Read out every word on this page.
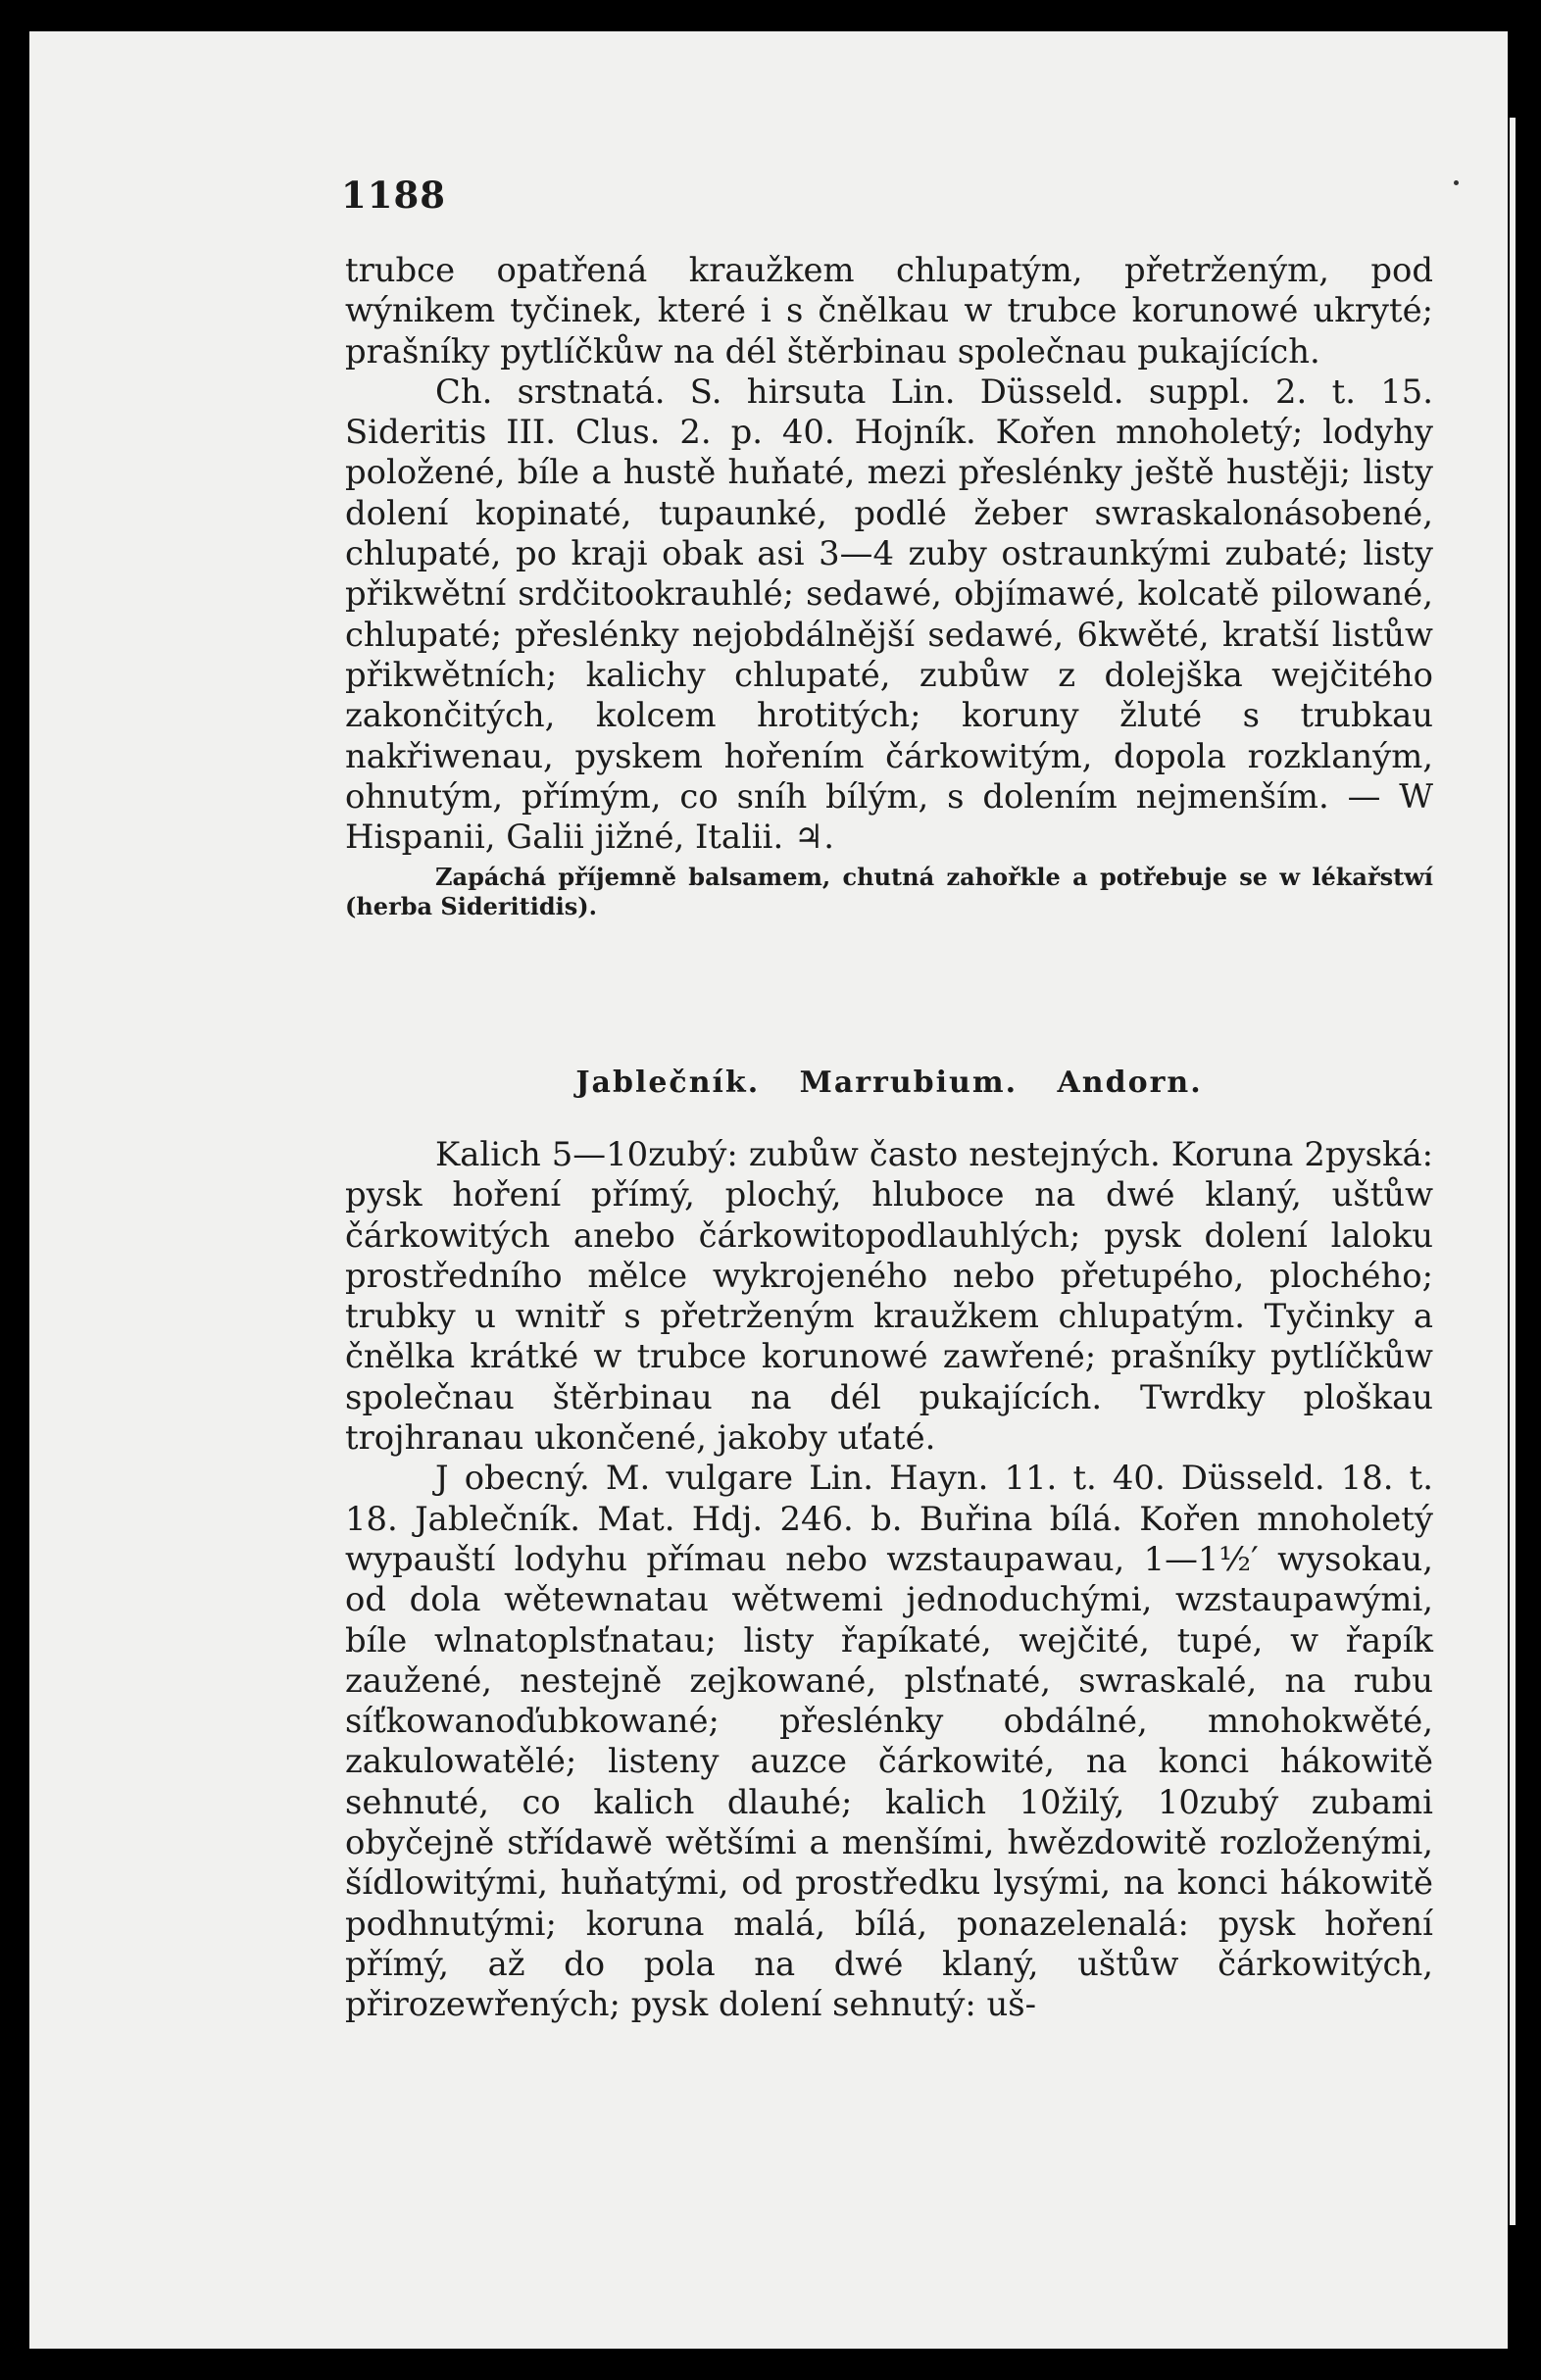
1188

trubce opatřená kraužkem chlupatým, přetrženým, pod wýnikem tyčinek, které i s čnělkau w trubce korunowé ukryté; prašníky pytlíčkůw na dél štěrbinau společnau pukajících.

Ch. srstnatá. S. hirsuta Lin. Düsseld. suppl. 2. t. 15. Sideritis III. Clus. 2. p. 40. Hojník. Kořen mnoholetý; lodyhy položené, bíle a hustě huňaté, mezi přeslénky ještě hustěji; listy dolení kopinaté, tupaunké, podlé žeber swraskalonásobené, chlupaté, po kraji obak asi 3—4 zuby ostraunkými zubaté; listy přikwětní srdčitookrauhlé; sedawé, objímawé, kolcatě pilowané, chlupaté; přeslénky nejobdálnější sedawé, 6kwěté, kratší listůw přikwětních; kalichy chlupaté, zubůw z dolejška wejčitého zakončitých, kolcem hrotitých; koruny žluté s trubkau nakřiwenau, pyskem hořením čárkowitým, dopola rozklaným, ohnutým, přímým, co sníh bílým, s dolením nejmenším. — W Hispanii, Galii jižné, Italii. ♃.

Zapáchá příjemně balsamem, chutná zahořkle a potřebuje se w lékařstwí (herba Sideritidis).

Jablečník. Marrubium. Andorn.

Kalich 5—10zubý: zubůw často nestejných. Koruna 2pyská: pysk hoření přímý, plochý, hluboce na dwé klaný, uštůw čárkowitých anebo čárkowitopodlauhlých; pysk dolení laloku prostředního mělce wykrojeného nebo přetupého, plochého; trubky u wnitř s přetrženým kraužkem chlupatým. Tyčinky a čnělka krátké w trubce korunowé zawřené; prašníky pytlíčkůw společnau štěrbinau na dél pukajících. Twrdky ploškau trojhranau ukončené, jakoby uťaté.

J obecný. M. vulgare Lin. Hayn. 11. t. 40. Düsseld. 18. t. 18. Jablečník. Mat. Hdj. 246. b. Buřina bílá. Kořen mnoholetý wypauští lodyhu přímau nebo wzstaupawau, 1—1½′ wysokau, od dola wětewnatau wětwemi jednoduchými, wzstaupawými, bíle wlnatoplsťnatau; listy řapíkaté, wejčité, tupé, w řapík zaužené, nestejně zejkowané, plsťnaté, swraskalé, na rubu síťkowanoďubkowané; přeslénky obdálné, mnohokwěté, zakulowatělé; listeny auzce čárkowité, na konci hákowitě sehnuté, co kalich dlauhé; kalich 10žilý, 10zubý zubami obyčejně střídawě wětšími a menšími, hwězdowitě rozloženými, šídlowitými, huňatými, od prostředku lysými, na konci hákowitě podhnutými; koruna malá, bílá, ponazelenalá: pysk hoření přímý, až do pola na dwé klaný, uštůw čárkowitých, přirozewřených; pysk dolení sehnutý: uš-
